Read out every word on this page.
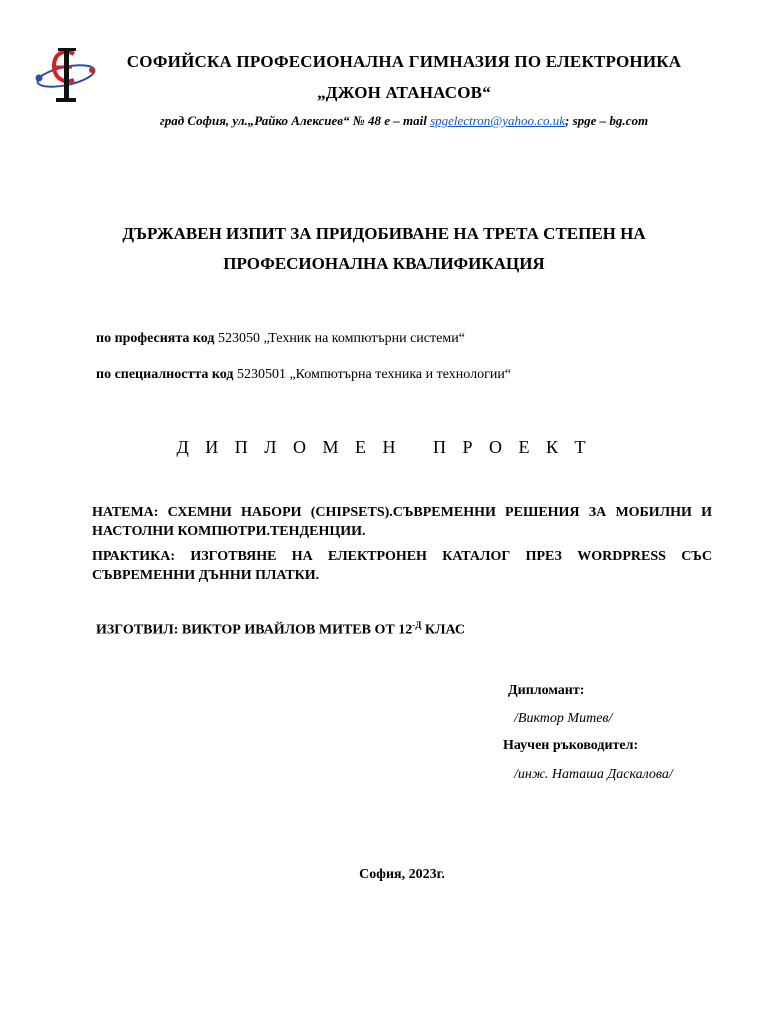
СОФИЙСКА ПРОФЕСИОНАЛНА ГИМНАЗИЯ ПО ЕЛЕКТРОНИКА
„ДЖОН АТАНАСОВ“
град София, ул.„Райко Алексиев“ № 48 е – mail spgelectron@yahoo.co.uk; spge – bg.com
ДЪРЖАВЕН ИЗПИТ ЗА ПРИДОБИВАНЕ НА ТРЕТА СТЕПЕН НА
ПРОФЕСИОНАЛНА КВАЛИФИКАЦИЯ
по професията код 523050 „Техник на компютърни системи“
по специалността код 5230501 „Компютърна техника и технологии“
Д И П Л О М Е Н   П Р О Е К Т
НАТЕМА: СХЕМНИ НАБОРИ (CHIPSETS).СЪВРЕМЕННИ РЕШЕНИЯ ЗА МОБИЛНИ И НАСТОЛНИ КОМПЮТРИ.ТЕНДЕНЦИИ.
ПРАКТИКА: ИЗГОТВЯНЕ НА ЕЛЕКТРОНЕН КАТАЛОГ ПРЕЗ WORDPRESS СЪС СЪВРЕМЕННИ ДЪННИ ПЛАТКИ.
ИЗГОТВИЛ: ВИКТОР ИВАЙЛОВ МИТЕВ ОТ $12^{-Д}$ КЛАС
Дипломант:
/Виктор Митев/
Научен ръководител:
/инж. Наташа Даскалова/
София, 2023г.
